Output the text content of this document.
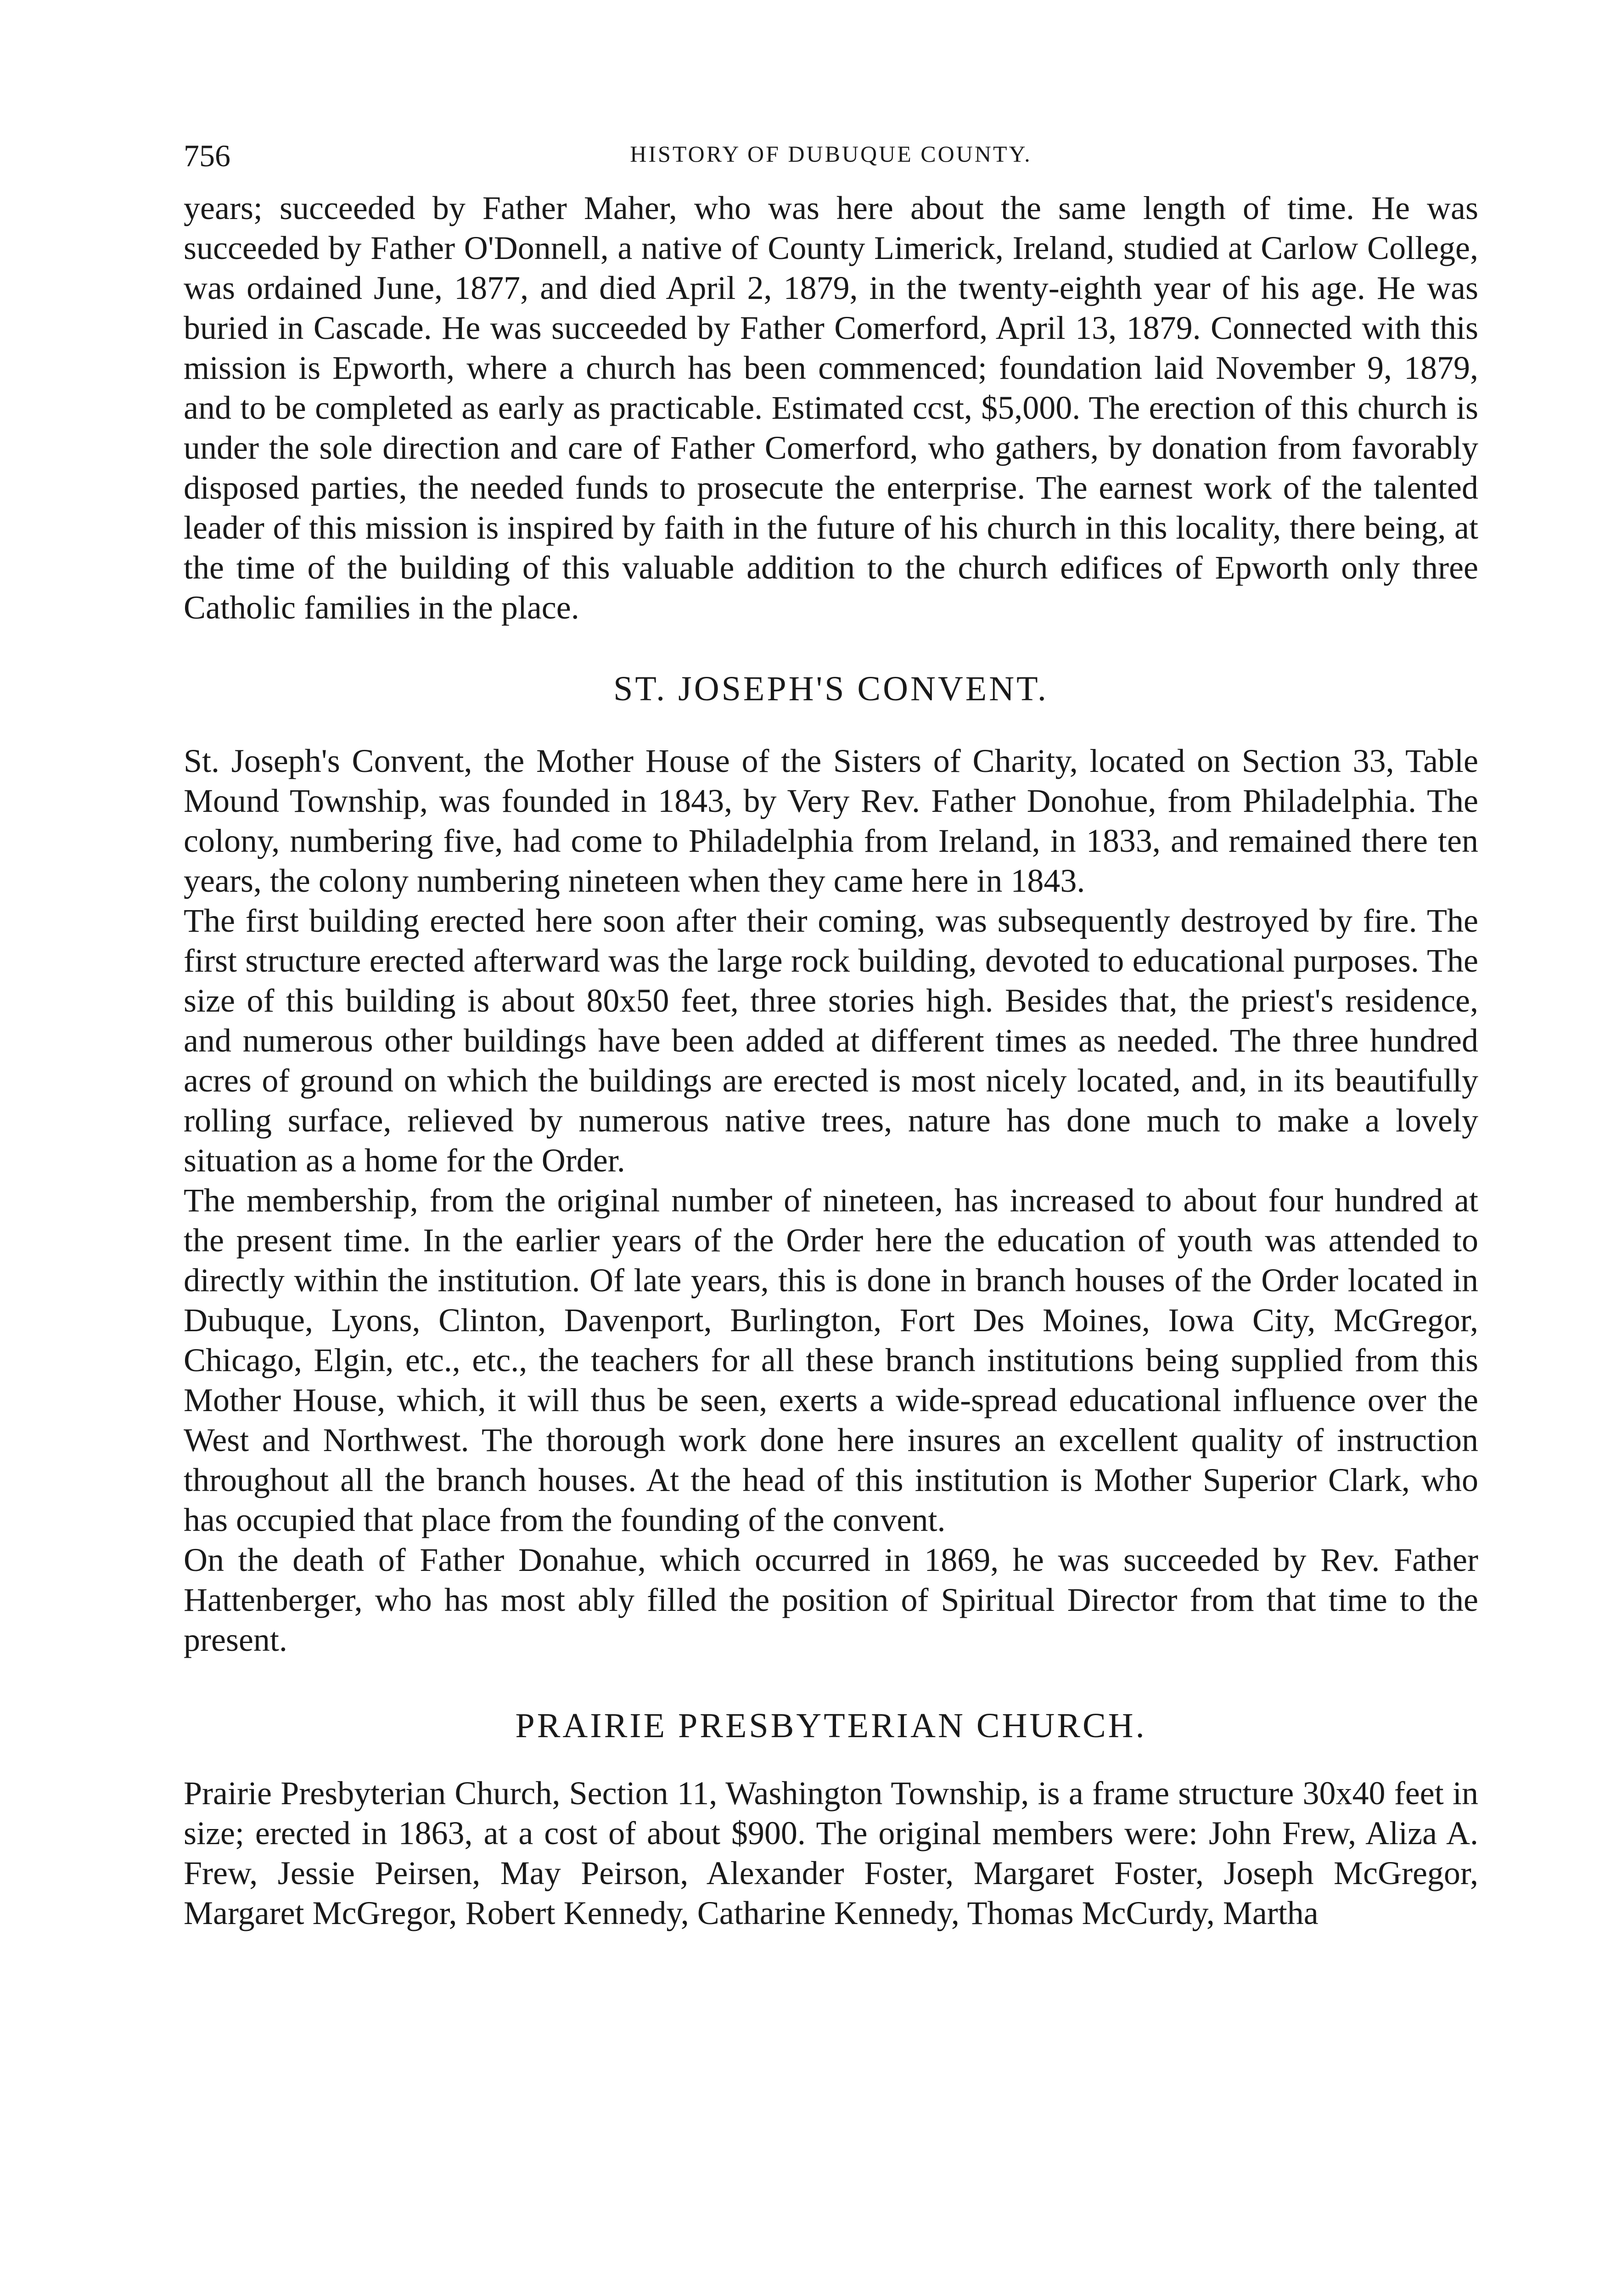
756	HISTORY OF DUBUQUE COUNTY.

years; succeeded by Father Maher, who was here about the same length of time. He was succeeded by Father O'Donnell, a native of County Limerick, Ireland, studied at Carlow College, was ordained June, 1877, and died April 2, 1879, in the twenty-eighth year of his age. He was buried in Cascade. He was succeeded by Father Comerford, April 13, 1879. Connected with this mission is Epworth, where a church has been commenced; foundation laid November 9, 1879, and to be completed as early as practicable. Estimated ccst, $5,000. The erection of this church is under the sole direction and care of Father Comerford, who gathers, by donation from favorably disposed parties, the needed funds to prosecute the enterprise. The earnest work of the talented leader of this mission is inspired by faith in the future of his church in this locality, there being, at the time of the building of this valuable addition to the church edifices of Epworth only three Catholic families in the place.

ST. JOSEPH'S CONVENT.

St. Joseph's Convent, the Mother House of the Sisters of Charity, located on Section 33, Table Mound Township, was founded in 1843, by Very Rev. Father Donohue, from Philadelphia. The colony, numbering five, had come to Philadelphia from Ireland, in 1833, and remained there ten years, the colony numbering nineteen when they came here in 1843.

The first building erected here soon after their coming, was subsequently destroyed by fire. The first structure erected afterward was the large rock building, devoted to educational purposes. The size of this building is about 80x50 feet, three stories high. Besides that, the priest's residence, and numerous other buildings have been added at different times as needed. The three hundred acres of ground on which the buildings are erected is most nicely located, and, in its beautifully rolling surface, relieved by numerous native trees, nature has done much to make a lovely situation as a home for the Order.

The membership, from the original number of nineteen, has increased to about four hundred at the present time. In the earlier years of the Order here the education of youth was attended to directly within the institution. Of late years, this is done in branch houses of the Order located in Dubuque, Lyons, Clinton, Davenport, Burlington, Fort Des Moines, Iowa City, McGregor, Chicago, Elgin, etc., etc., the teachers for all these branch institutions being supplied from this Mother House, which, it will thus be seen, exerts a wide-spread educational influence over the West and Northwest. The thorough work done here insures an excellent quality of instruction throughout all the branch houses. At the head of this institution is Mother Superior Clark, who has occupied that place from the founding of the convent.

On the death of Father Donahue, which occurred in 1869, he was succeeded by Rev. Father Hattenberger, who has most ably filled the position of Spiritual Director from that time to the present.

PRAIRIE PRESBYTERIAN CHURCH.

Prairie Presbyterian Church, Section 11, Washington Township, is a frame structure 30x40 feet in size; erected in 1863, at a cost of about $900. The original members were: John Frew, Aliza A. Frew, Jessie Peirsen, May Peirson, Alexander Foster, Margaret Foster, Joseph McGregor, Margaret McGregor, Robert Kennedy, Catharine Kennedy, Thomas McCurdy, Martha
